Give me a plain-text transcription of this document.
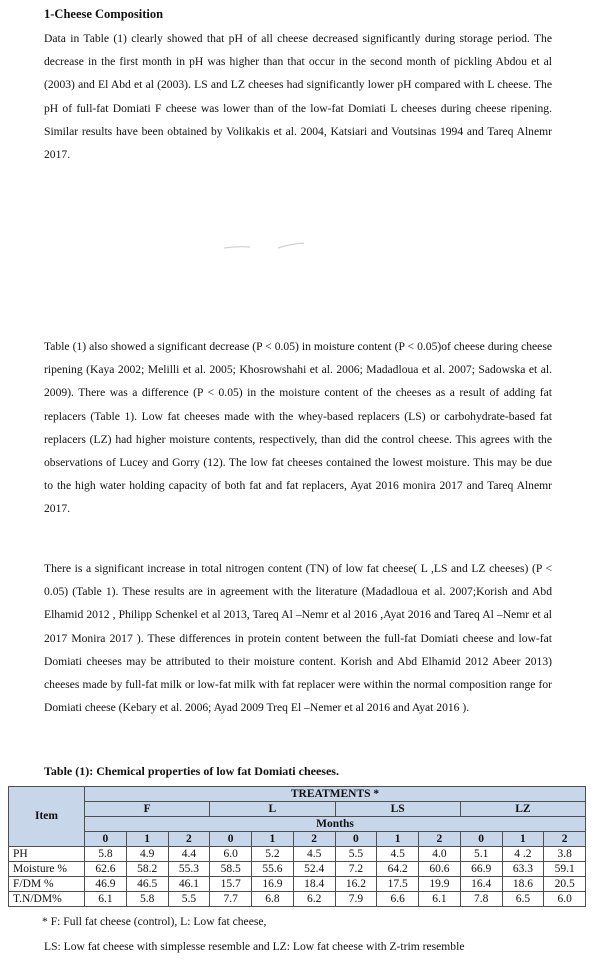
1-Cheese Composition

Data in Table (1) clearly showed that pH of all cheese decreased significantly during storage period. The decrease in the first month in pH was higher than that occur in the second month of pickling Abdou et al (2003) and El Abd et al (2003). LS and LZ cheeses had significantly lower pH compared with L cheese. The pH of full-fat Domiati F cheese was lower than of the low-fat Domiati L cheeses during cheese ripening. Similar results have been obtained by Volikakis et al. 2004, Katsiari and Voutsinas 1994 and Tareq Alnemr 2017.

Table (1) also showed a significant decrease (P < 0.05) in moisture content (P < 0.05)of cheese during cheese ripening (Kaya 2002; Melilli et al. 2005; Khosrowshahi et al. 2006; Madadloua et al. 2007; Sadowska et al. 2009). There was a difference (P < 0.05) in the moisture content of the cheeses as a result of adding fat replacers (Table 1). Low fat cheeses made with the whey-based replacers (LS) or carbohydrate-based fat replacers (LZ) had higher moisture contents, respectively, than did the control cheese. This agrees with the observations of Lucey and Gorry (12). The low fat cheeses contained the lowest moisture. This may be due to the high water holding capacity of both fat and fat replacers, Ayat 2016 monira 2017 and Tareq Alnemr 2017.

There is a significant increase in total nitrogen content (TN) of low fat cheese( L ,LS and LZ cheeses) (P < 0.05) (Table 1). These results are in agreement with the literature (Madadloua et al. 2007;Korish and Abd Elhamid 2012 , Philipp Schenkel et al 2013, Tareq Al –Nemr et al 2016 ,Ayat 2016 and Tareq Al –Nemr et al 2017 Monira 2017 ). These differences in protein content between the full-fat Domiati cheese and low-fat Domiati cheeses may be attributed to their moisture content. Korish and Abd Elhamid 2012 Abeer 2013) cheeses made by full-fat milk or low-fat milk with fat replacer were within the normal composition range for Domiati cheese (Kebary et al. 2006; Ayad 2009 Treq El –Nemer et al 2016 and Ayat 2016 ).

Table (1): Chemical properties of low fat Domiati cheeses.
Item	TREATMENTS *											
	F			L			LS			LZ		
	Months											
	0	1	2	0	1	2	0	1	2	0	1	2
PH	5.8	4.9	4.4	6.0	5.2	4.5	5.5	4.5	4.0	5.1	4 .2	3.8
Moisture %	62.6	58.2	55.3	58.5	55.6	52.4	7.2	64.2	60.6	66.9	63.3	59.1
F/DM %	46.9	46.5	46.1	15.7	16.9	18.4	16.2	17.5	19.9	16.4	18.6	20.5
T.N/DM%	6.1	5.8	5.5	7.7	6.8	6.2	7.9	6.6	6.1	7.8	6.5	6.0
* F: Full fat cheese (control), L: Low fat cheese,
LS: Low fat cheese with simplesse resemble and LZ: Low fat cheese with Z-trim resemble
